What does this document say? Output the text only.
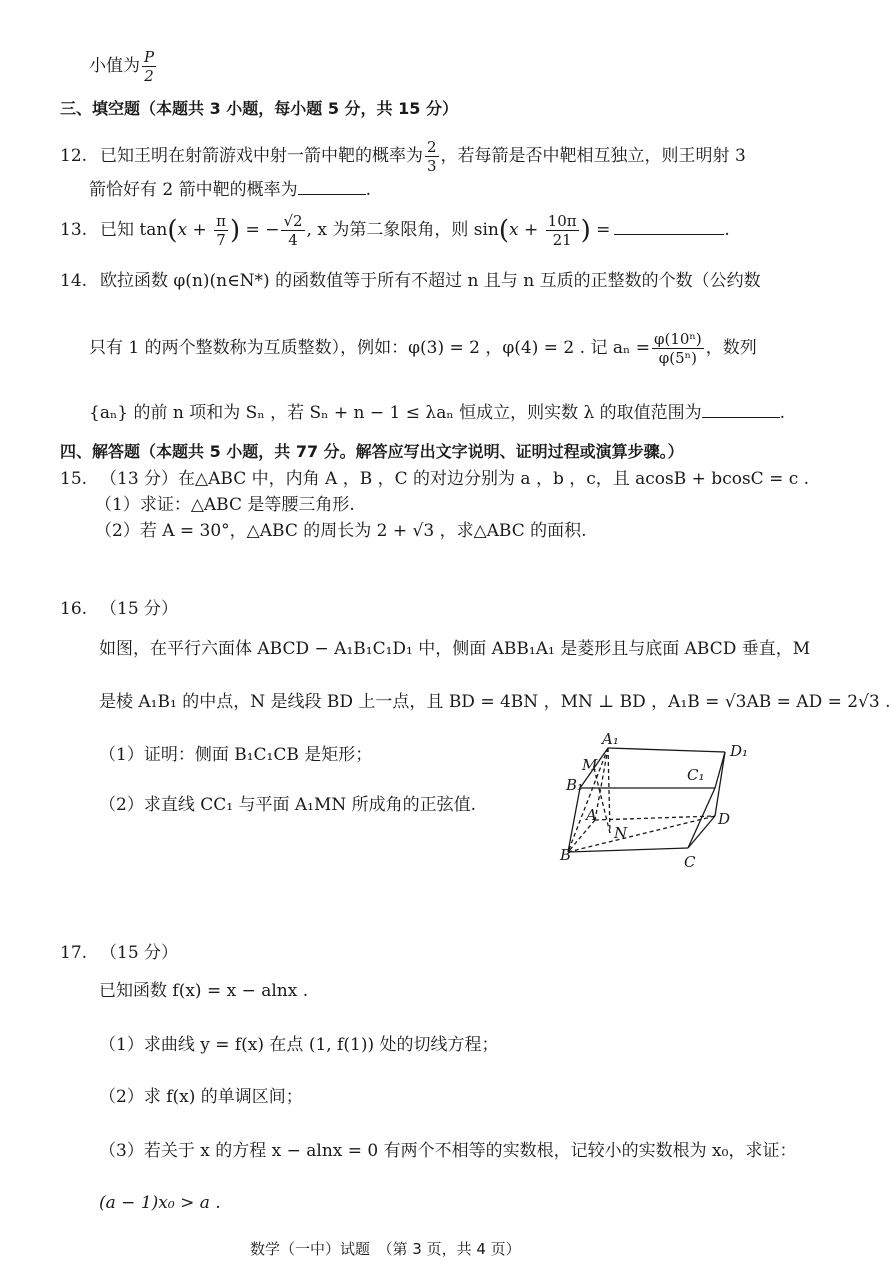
小值为 $\frac{P}{2}$
三、填空题（本题共 3 小题，每小题 5 分，共 15 分）
12. 已知王明在射箭游戏中射一箭中靶的概率为 $\frac{2}{3}$ ，若每箭是否中靶相互独立，则王明射 3
箭恰好有 2 箭中靶的概率为	.
13. 已知 $\tan(x + \frac{\pi}{7}$ ) = − $\frac{√2}{4}$ , x 为第二象限角，则 $\sin(x + \frac{10\pi}{21}$ ) =	.
14. 欧拉函数 φ(n)(n∈N*) 的函数值等于所有不超过 n 且与 n 互质的正整数的个数（公约数
只有 1 的两个整数称为互质整数），例如：φ(3) = 2 ，φ(4) = 2 . 记 $a_n = \frac{\text{φ(10ⁿ)}}{\text{φ(5ⁿ)}}$ ，数列
{aₙ} 的前 n 项和为 Sₙ ，若 Sₙ + n − 1 ≤ λaₙ 恒成立，则实数 λ 的取值范围为	.
四、解答题（本题共 5 小题，共 77 分。解答应写出文字说明、证明过程或演算步骤。）
15. （13 分）在△ABC 中，内角 A ，B ，C 的对边分别为 a ，b ，c，且 acosB + bcosC = c .
（1）求证：△ABC 是等腰三角形.
（2）若 A = 30°，△ABC 的周长为 2 + √3 ，求△ABC 的面积.
16. （15 分）
如图，在平行六面体 ABCD − A₁B₁C₁D₁ 中，侧面 ABB₁A₁ 是菱形且与底面 ABCD 垂直，M
是棱 A₁B₁ 的中点，N 是线段 BD 上一点，且 BD = 4BN ，MN ⊥ BD ，A₁B = √3AB = AD = 2√3 .
（1）证明：侧面 B₁C₁CB 是矩形；
（2）求直线 CC₁ 与平面 A₁MN 所成角的正弦值.
A₁
D₁
M
C₁
B₁
A
N
D
B	C
17. （15 分）
已知函数 f(x) = x − alnx .
（1）求曲线 y = f(x) 在点 (1, f(1)) 处的切线方程；
（2）求 f(x) 的单调区间；
（3）若关于 x 的方程 x − alnx = 0 有两个不相等的实数根，记较小的实数根为 x₀，求证：
(a − 1)x₀ > a .
数学（一中）试题　（第 3 页，共 4 页）
